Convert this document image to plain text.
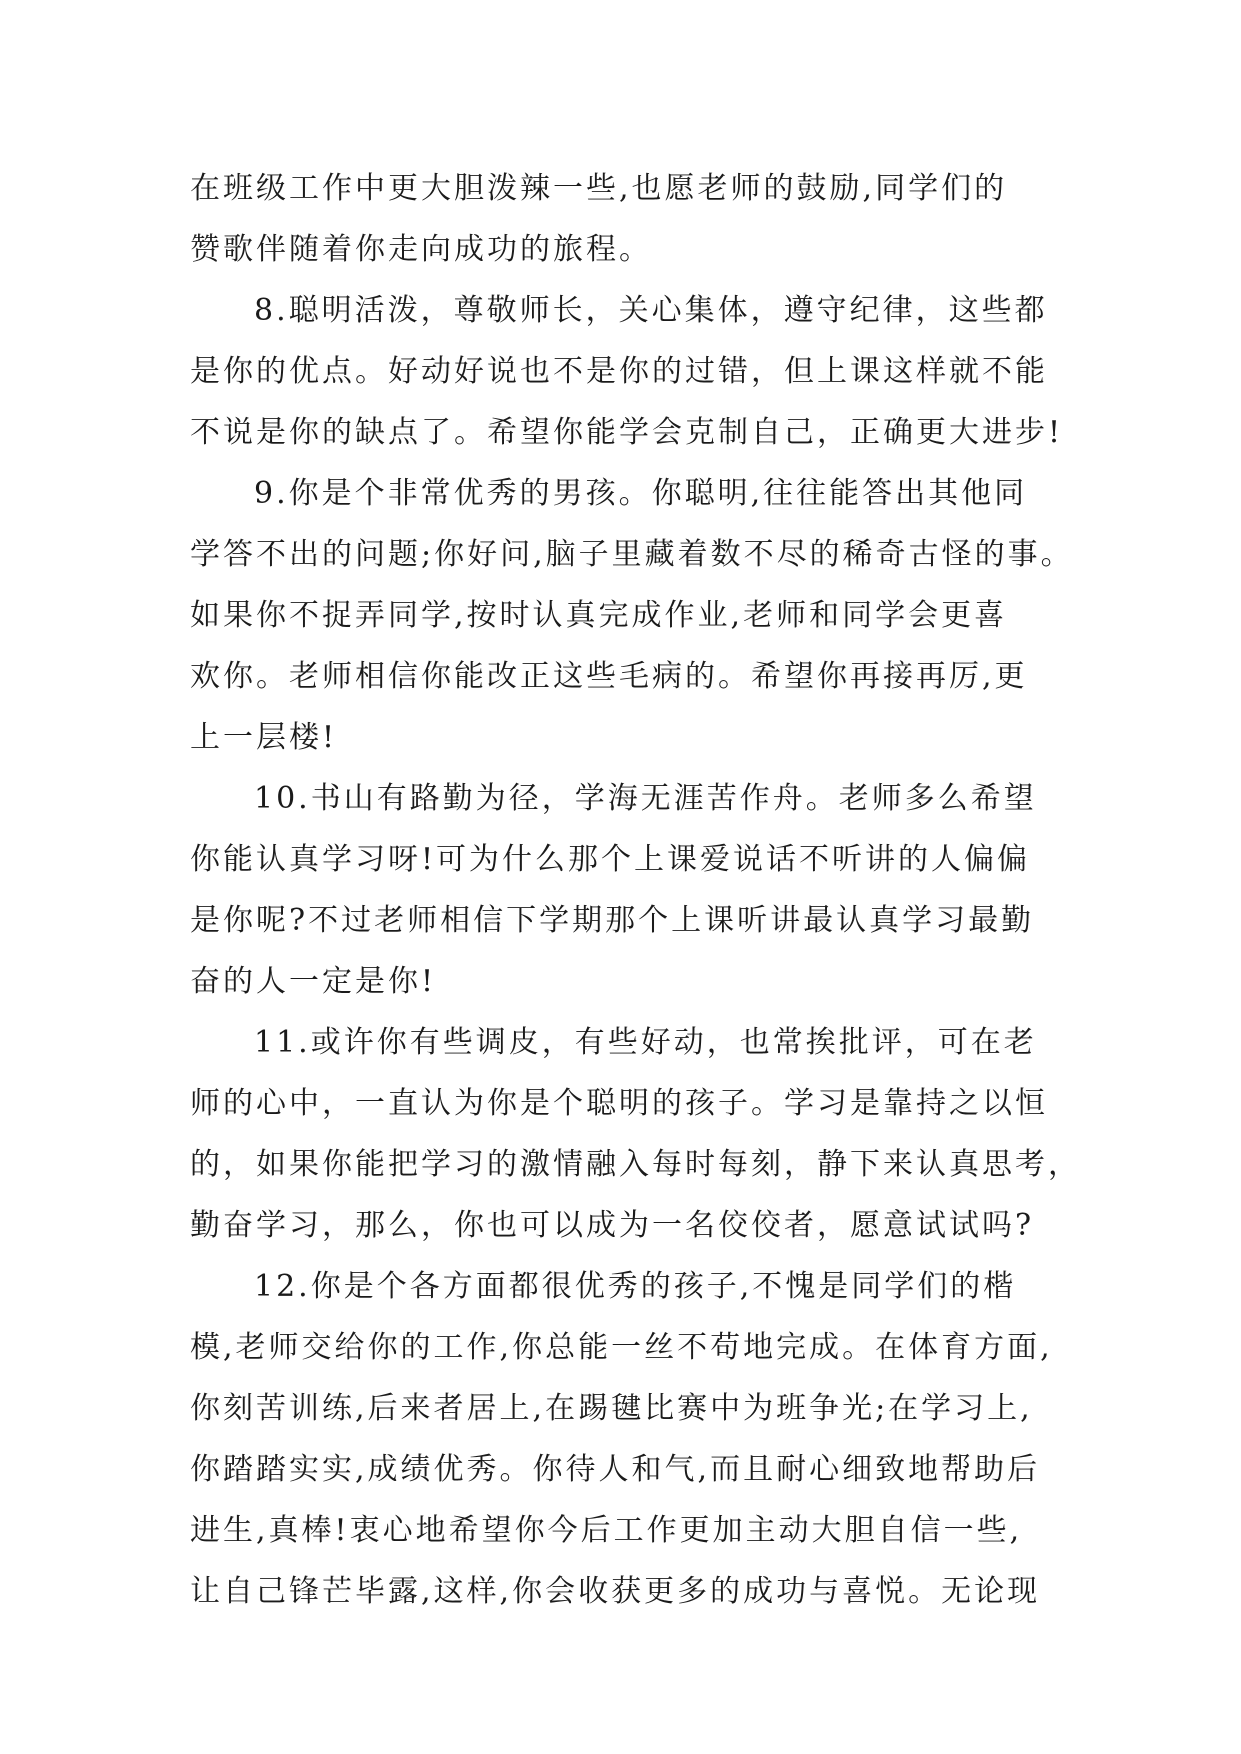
在班级工作中更大胆泼辣一些,也愿老师的鼓励,同学们的
赞歌伴随着你走向成功的旅程。
8.聪明活泼，尊敬师长，关心集体，遵守纪律，这些都
是你的优点。好动好说也不是你的过错，但上课这样就不能
不说是你的缺点了。希望你能学会克制自己，正确更大进步!
9.你是个非常优秀的男孩。你聪明,往往能答出其他同
学答不出的问题;你好问,脑子里藏着数不尽的稀奇古怪的事。
如果你不捉弄同学,按时认真完成作业,老师和同学会更喜
欢你。老师相信你能改正这些毛病的。希望你再接再厉,更
上一层楼!
10.书山有路勤为径，学海无涯苦作舟。老师多么希望
你能认真学习呀!可为什么那个上课爱说话不听讲的人偏偏
是你呢?不过老师相信下学期那个上课听讲最认真学习最勤
奋的人一定是你!
11.或许你有些调皮，有些好动，也常挨批评，可在老
师的心中，一直认为你是个聪明的孩子。学习是靠持之以恒
的，如果你能把学习的激情融入每时每刻，静下来认真思考，
勤奋学习，那么，你也可以成为一名佼佼者，愿意试试吗?
12.你是个各方面都很优秀的孩子,不愧是同学们的楷
模,老师交给你的工作,你总能一丝不苟地完成。在体育方面,
你刻苦训练,后来者居上,在踢毽比赛中为班争光;在学习上,
你踏踏实实,成绩优秀。你待人和气,而且耐心细致地帮助后
进生,真棒!衷心地希望你今后工作更加主动大胆自信一些,
让自己锋芒毕露,这样,你会收获更多的成功与喜悦。无论现
